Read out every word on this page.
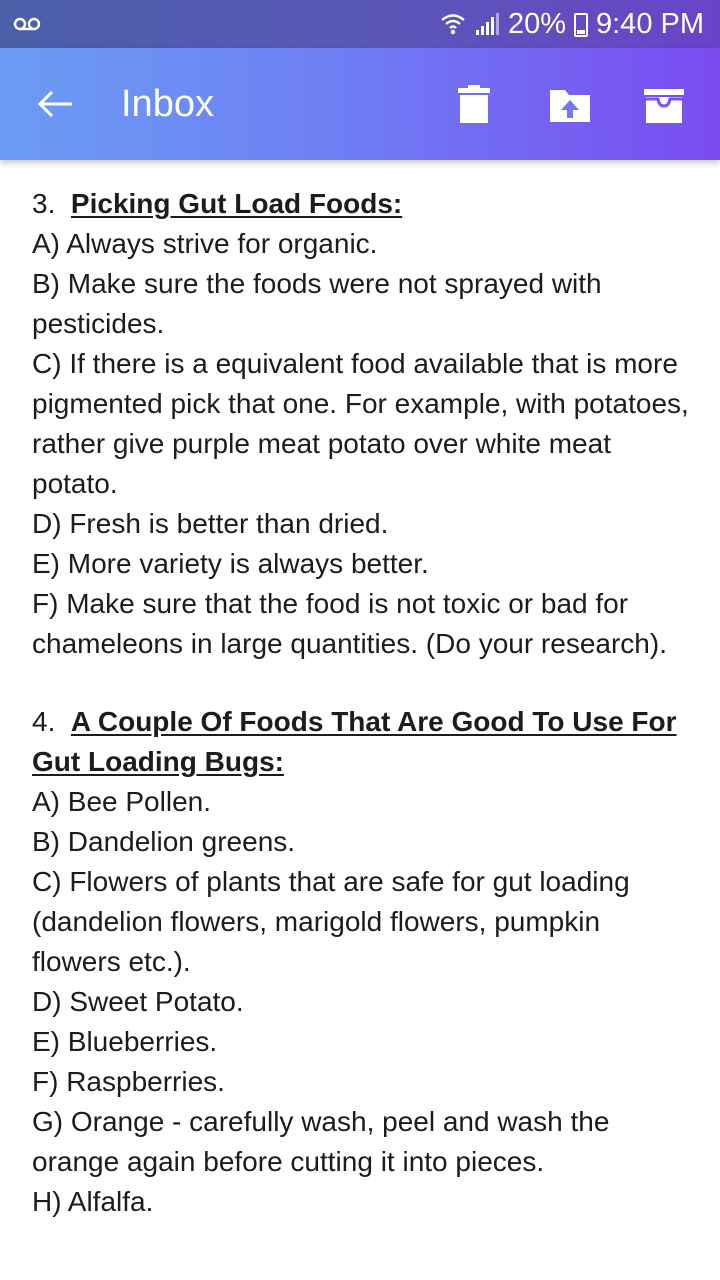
20% 9:40 PM
Inbox

3. Picking Gut Load Foods:

A) Always strive for organic.

B) Make sure the foods were not sprayed with pesticides.

C) If there is a equivalent food available that is more pigmented pick that one. For example, with potatoes, rather give purple meat potato over white meat potato.

D) Fresh is better than dried.

E) More variety is always better.

F) Make sure that the food is not toxic or bad for chameleons in large quantities. (Do your research).

4. A Couple Of Foods That Are Good To Use For Gut Loading Bugs:

A) Bee Pollen.

B) Dandelion greens.

C) Flowers of plants that are safe for gut loading (dandelion flowers, marigold flowers, pumpkin flowers etc.).

D) Sweet Potato.

E) Blueberries.

F) Raspberries.

G) Orange - carefully wash, peel and wash the orange again before cutting it into pieces.

H) Alfalfa.
